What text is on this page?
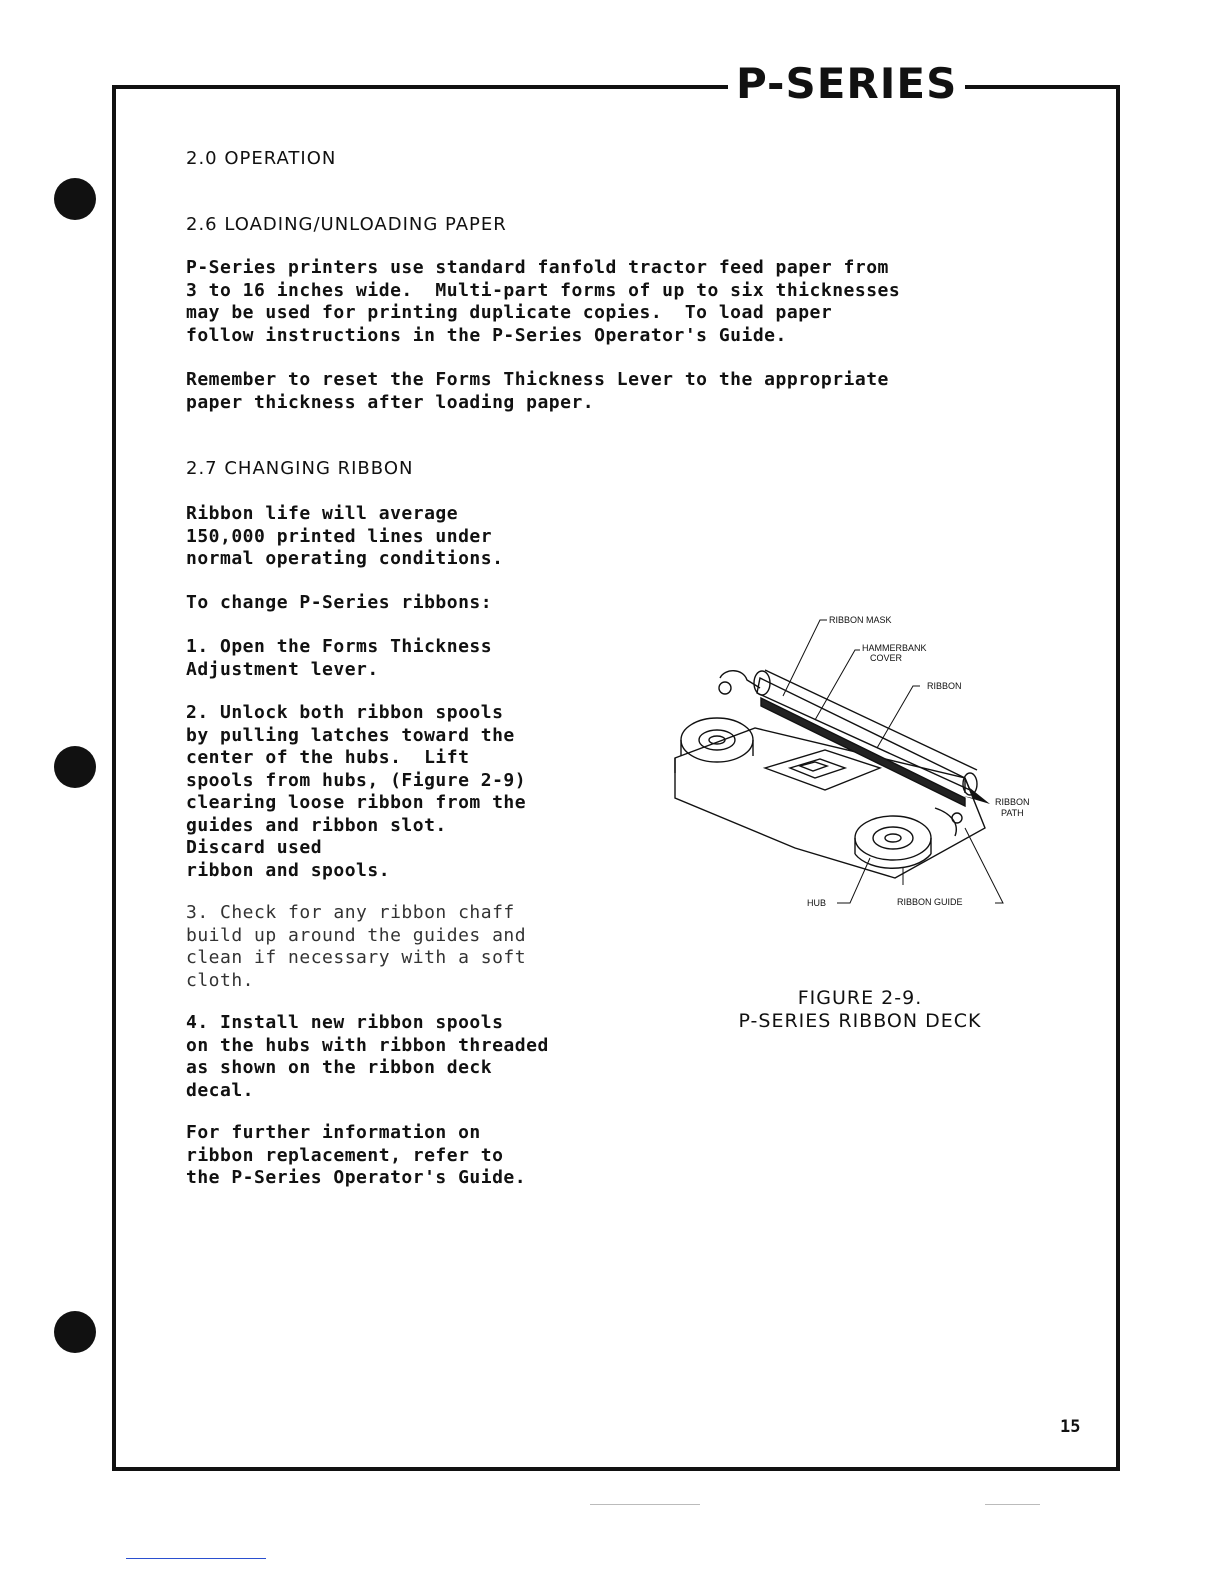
P-SERIES
2.0 OPERATION
2.6 LOADING/UNLOADING PAPER
P-Series printers use standard fanfold tractor feed paper from
3 to 16 inches wide.  Multi-part forms of up to six thicknesses
may be used for printing duplicate copies.  To load paper
follow instructions in the P-Series Operator's Guide.
Remember to reset the Forms Thickness Lever to the appropriate
paper thickness after loading paper.
2.7 CHANGING RIBBON
Ribbon life will average
150,000 printed lines under
normal operating conditions.
To change P-Series ribbons:
1. Open the Forms Thickness
Adjustment lever.
2. Unlock both ribbon spools
by pulling latches toward the
center of the hubs.  Lift
spools from hubs, (Figure 2-9)
clearing loose ribbon from the
guides and ribbon slot.
Discard used
ribbon and spools.
3. Check for any ribbon chaff
build up around the guides and
clean if necessary with a soft
cloth.
4. Install new ribbon spools
on the hubs with ribbon threaded
as shown on the ribbon deck
decal.
For further information on
ribbon replacement, refer to
the P-Series Operator's Guide.
RIBBON MASK
HAMMERBANK
COVER
RIBBON
RIBBON
PATH
HUB	RIBBON GUIDE
FIGURE 2-9.
P-SERIES RIBBON DECK
15
